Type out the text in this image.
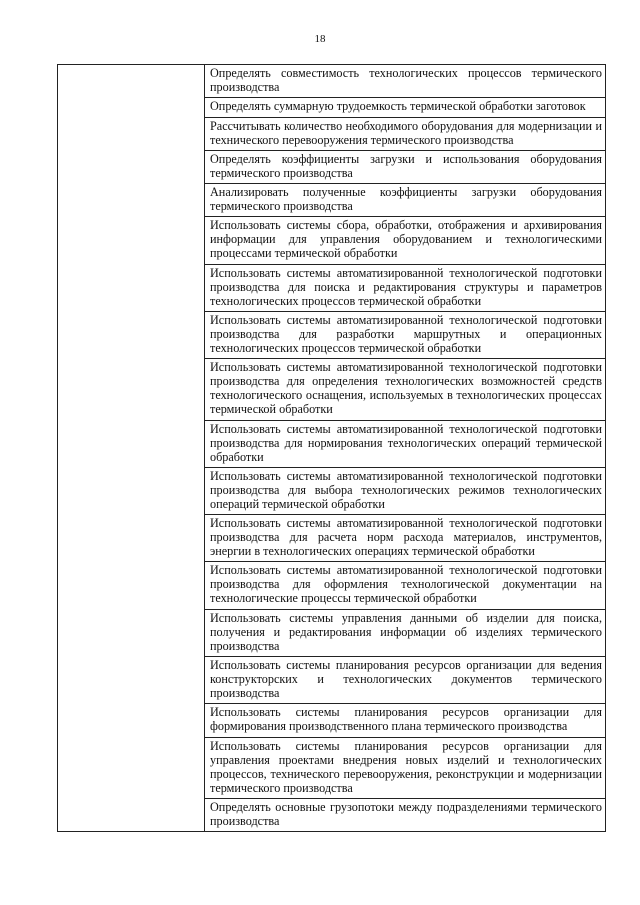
18

Определять совместимость технологических процессов термического производства
Определять суммарную трудоемкость термической обработки заготовок
Рассчитывать количество необходимого оборудования для модернизации и технического перевооружения термического производства
Определять коэффициенты загрузки и использования оборудования термического производства
Анализировать полученные коэффициенты загрузки оборудования термического производства
Использовать системы сбора, обработки, отображения и архивирования информации для управления оборудованием и технологическими процессами термической обработки
Использовать системы автоматизированной технологической подготовки производства для поиска и редактирования структуры и параметров технологических процессов термической обработки
Использовать системы автоматизированной технологической подготовки производства для разработки маршрутных и операционных технологических процессов термической обработки
Использовать системы автоматизированной технологической подготовки производства для определения технологических возможностей средств технологического оснащения, используемых в технологических процессах термической обработки
Использовать системы автоматизированной технологической подготовки производства для нормирования технологических операций термической обработки
Использовать системы автоматизированной технологической подготовки производства для выбора технологических режимов технологических операций термической обработки
Использовать системы автоматизированной технологической подготовки производства для расчета норм расхода материалов, инструментов, энергии в технологических операциях термической обработки
Использовать системы автоматизированной технологической подготовки производства для оформления технологической документации на технологические процессы термической обработки
Использовать системы управления данными об изделии для поиска, получения и редактирования информации об изделиях термического производства
Использовать системы планирования ресурсов организации для ведения конструкторских и технологических документов термического производства
Использовать системы планирования ресурсов организации для формирования производственного плана термического производства
Использовать системы планирования ресурсов организации для управления проектами внедрения новых изделий и технологических процессов, технического перевооружения, реконструкции и модернизации термического производства
Определять основные грузопотоки между подразделениями термического производства
